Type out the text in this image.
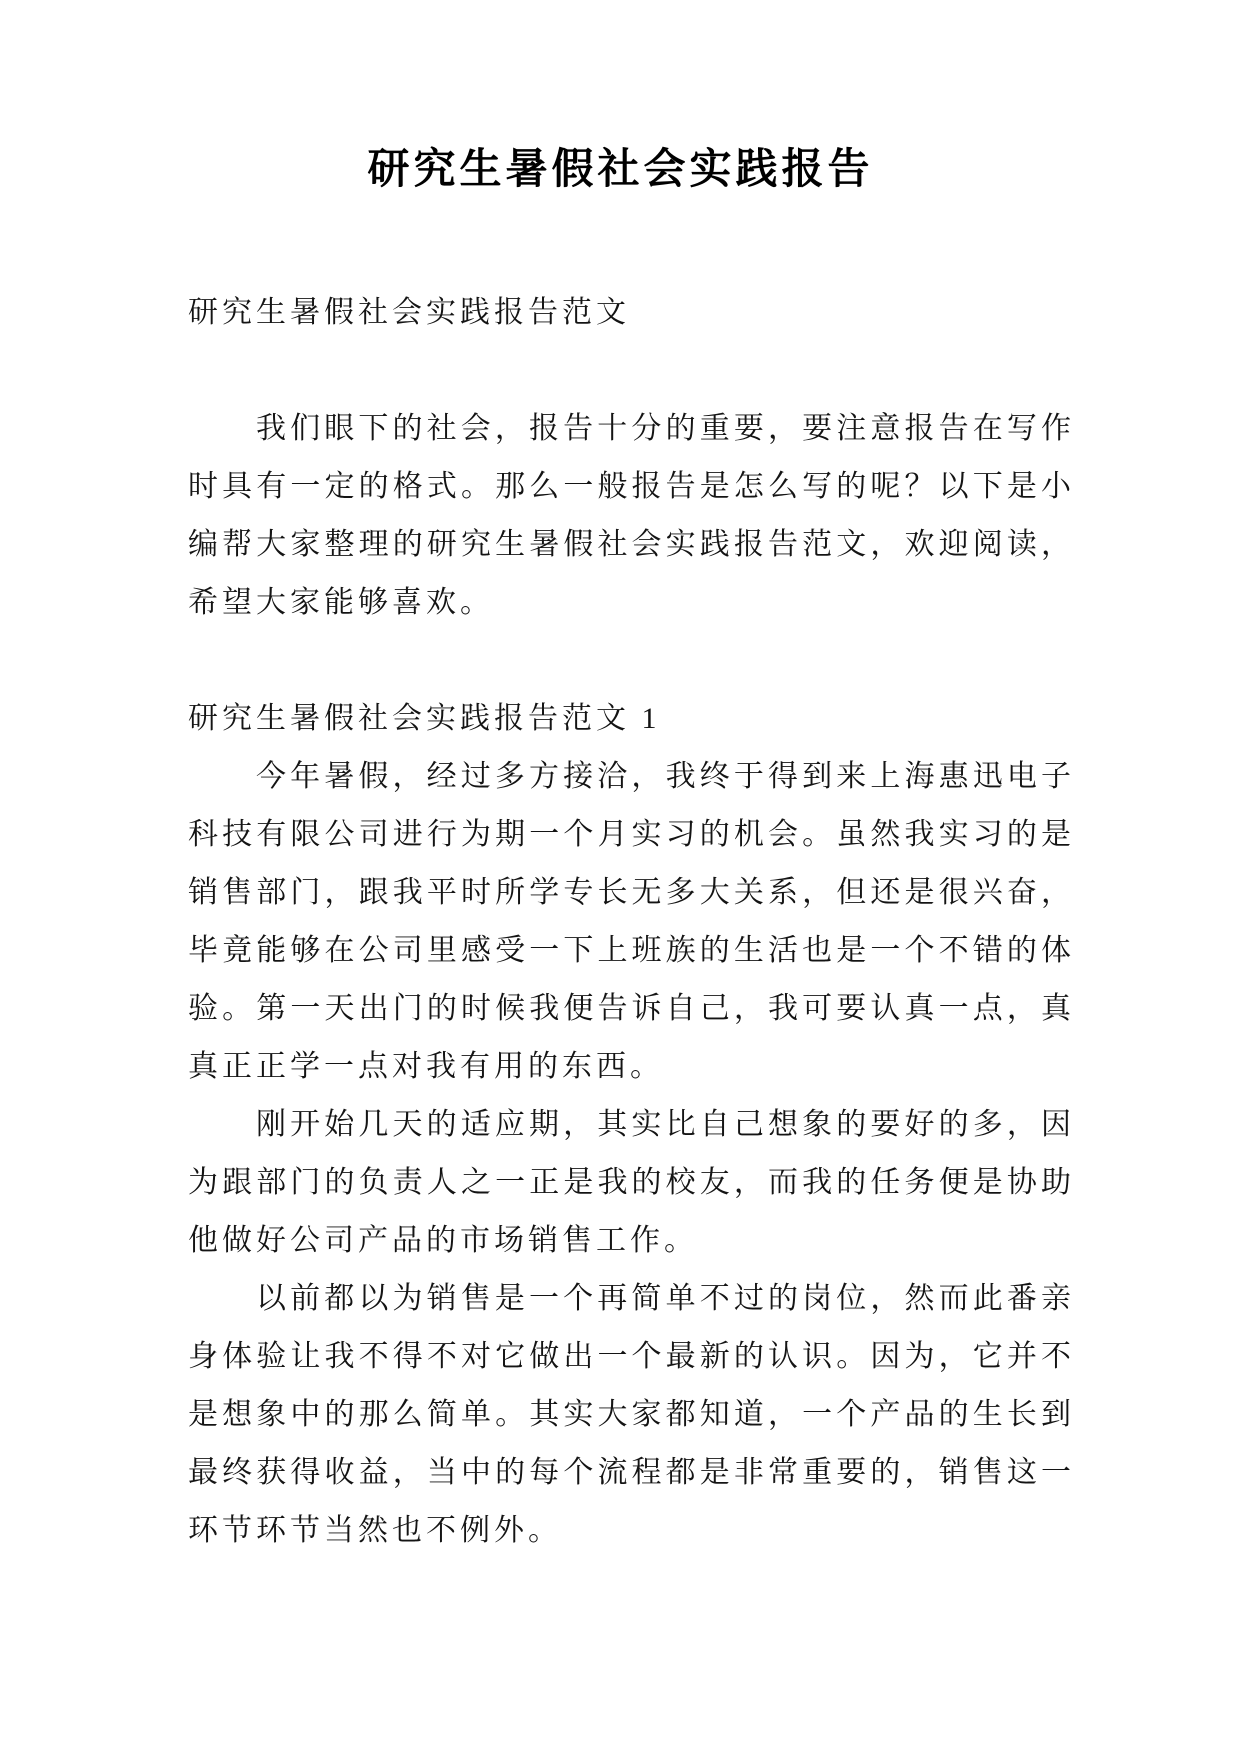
研究生暑假社会实践报告

研究生暑假社会实践报告范文

我们眼下的社会，报告十分的重要，要注意报告在写作时具有一定的格式。那么一般报告是怎么写的呢？以下是小编帮大家整理的研究生暑假社会实践报告范文，欢迎阅读，希望大家能够喜欢。

研究生暑假社会实践报告范文 1

今年暑假，经过多方接洽，我终于得到来上海惠迅电子科技有限公司进行为期一个月实习的机会。虽然我实习的是销售部门，跟我平时所学专长无多大关系，但还是很兴奋，毕竟能够在公司里感受一下上班族的生活也是一个不错的体验。第一天出门的时候我便告诉自己，我可要认真一点，真真正正学一点对我有用的东西。

刚开始几天的适应期，其实比自己想象的要好的多，因为跟部门的负责人之一正是我的校友，而我的任务便是协助他做好公司产品的市场销售工作。

以前都以为销售是一个再简单不过的岗位，然而此番亲身体验让我不得不对它做出一个最新的认识。因为，它并不是想象中的那么简单。其实大家都知道，一个产品的生长到最终获得收益，当中的每个流程都是非常重要的，销售这一环节环节当然也不例外。
